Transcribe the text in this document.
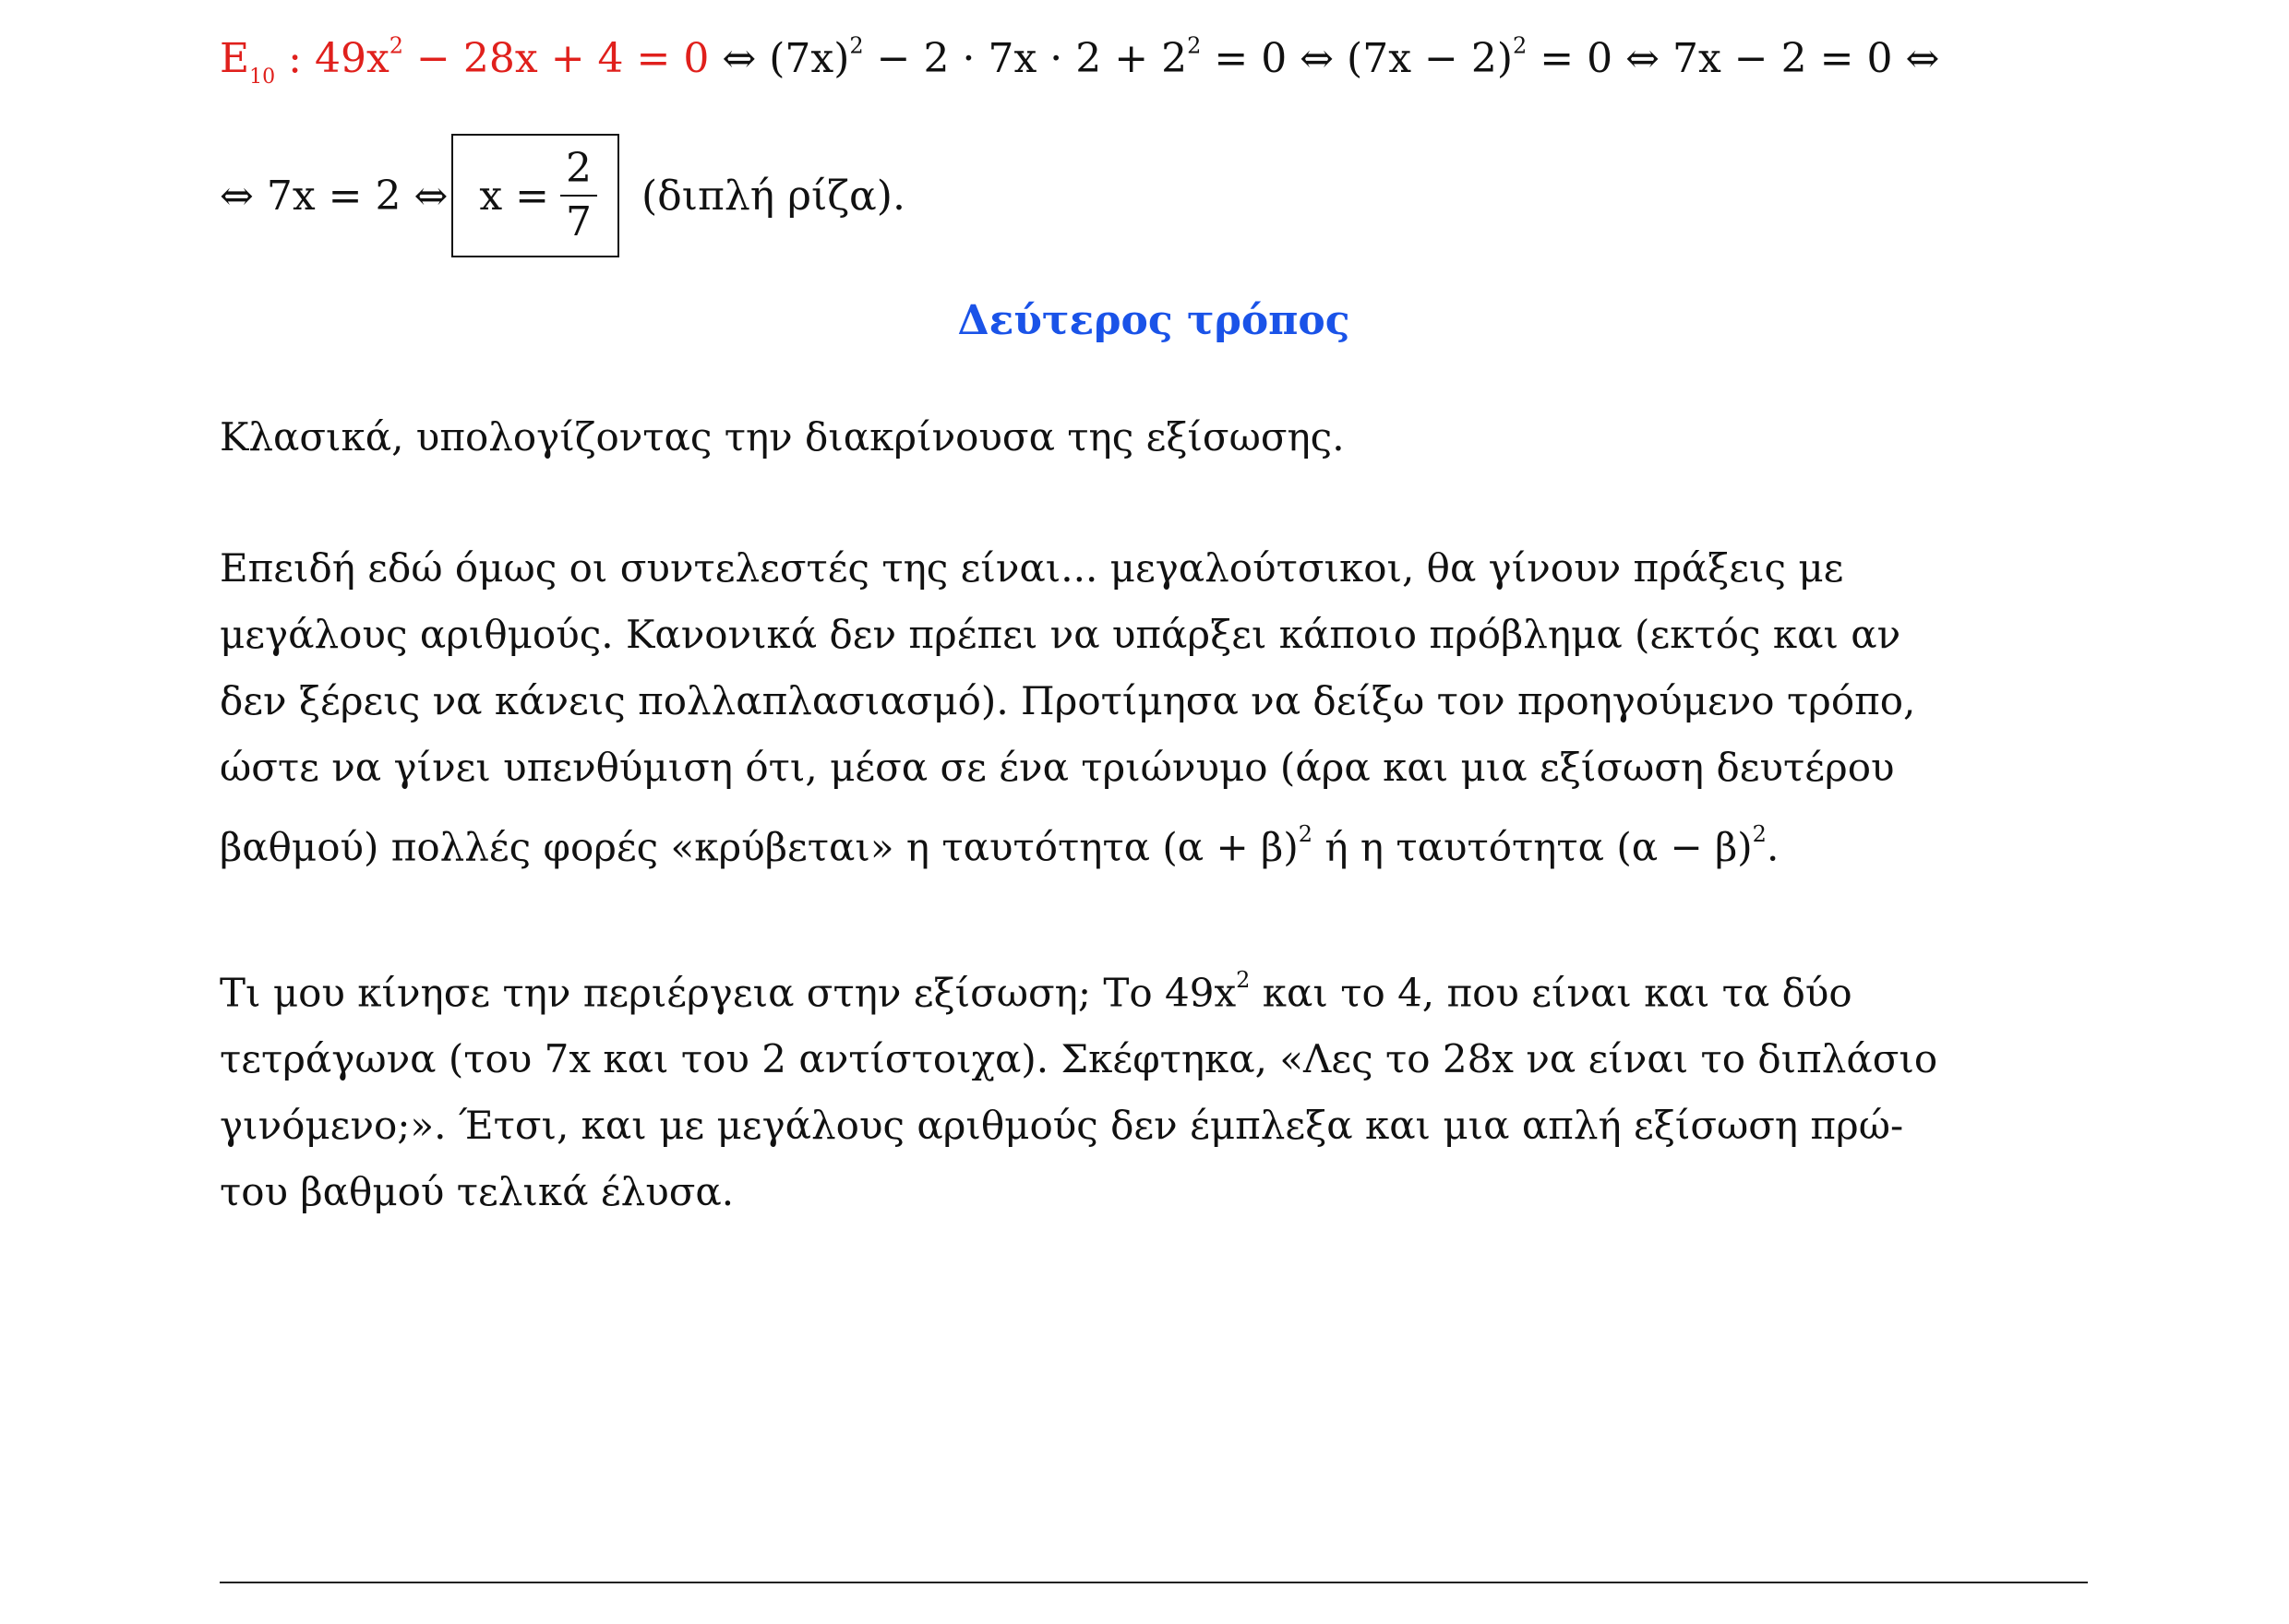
$E_{10}$ : $49x^2 - 28x + 4 = 0$ ⇔ $(7x)^2 - 2 \cdot 7x \cdot 2 + 2^2 = 0$ ⇔ $(7x - 2)^2 = 0$ ⇔ 7x − 2 = 0 ⇔
⇔ 7x = 2 ⇔ $x = \frac{2}{7} (\delta\iota\pi\lambda ή$ ρίζα).
Δεύτερος τρόπος
Κλασικά, υπολογίζοντας την διακρίνουσα της εξίσωσης.
Επειδή εδώ όμως οι συντελεστές της είναι... μεγαλούτσικοι, θα γίνουν πράξεις με
μεγάλους αριθμούς. Κανονικά δεν πρέπει να υπάρξει κάποιο πρόβλημα (εκτός και αν
δεν ξέρεις να κάνεις πολλαπλασιασμό). Προτίμησα να δείξω τον προηγούμενο τρόπο,
ώστε να γίνει υπενθύμιση ότι, μέσα σε ένα τριώνυμο (άρα και μια εξίσωση δευτέρου
βαθμού) πολλές φορές «κρύβεται» η ταυτότητα $(\alpha + \beta)^2$ ή η ταυτότητα $(\alpha - \beta)^2$.
Τι μου κίνησε την περιέργεια στην εξίσωση; Το $49x^2$ και το 4, που είναι και τα δύο
τετράγωνα (του 7x και του 2 αντίστοιχα). Σκέφτηκα, «Λες το 28x να είναι το διπλάσιο
γινόμενο;». Έτσι, και με μεγάλους αριθμούς δεν έμπλεξα και μια απλή εξίσωση πρώ-
του βαθμού τελικά έλυσα.
